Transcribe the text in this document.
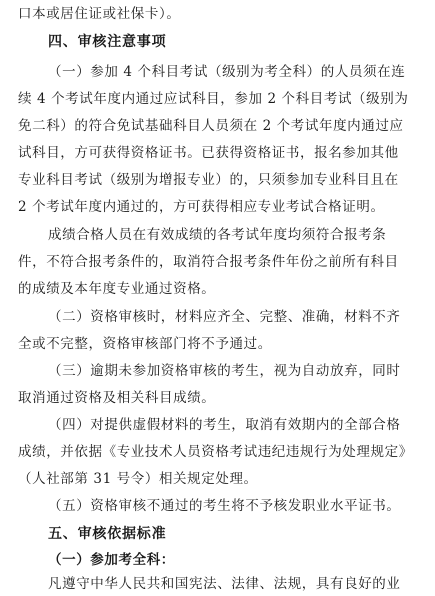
口本或居住证或社保卡）。
四、审核注意事项
（一）参加 4 个科目考试（级别为考全科）的人员须在连
续 4 个考试年度内通过应试科目，参加 2 个科目考试（级别为
免二科）的符合免试基础科目人员须在 2 个考试年度内通过应
试科目，方可获得资格证书。已获得资格证书，报名参加其他
专业科目考试（级别为增报专业）的，只须参加专业科目且在
2 个考试年度内通过的，方可获得相应专业考试合格证明。
成绩合格人员在有效成绩的各考试年度均须符合报考条
件，不符合报考条件的，取消符合报考条件年份之前所有科目
的成绩及本年度专业通过资格。
（二）资格审核时，材料应齐全、完整、准确，材料不齐
全或不完整，资格审核部门将不予通过。
（三）逾期未参加资格审核的考生，视为自动放弃，同时
取消通过资格及相关科目成绩。
（四）对提供虚假材料的考生，取消有效期内的全部合格
成绩，并依据《专业技术人员资格考试违纪违规行为处理规定》
（人社部第 31 号令）相关规定处理。
（五）资格审核不通过的考生将不予核发职业水平证书。
五、审核依据标准
（一）参加考全科：
凡遵守中华人民共和国宪法、法律、法规，具有良好的业
